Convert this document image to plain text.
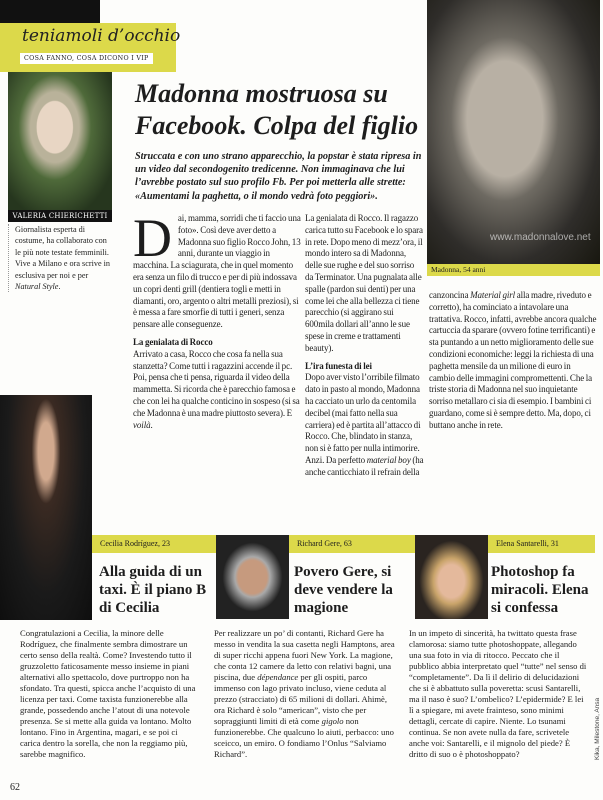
teniamoli d’occhio
COSA FANNO, COSA DICONO I VIP
VALERIA CHIERICHETTI
Giornalista esperta di costume, ha collaborato con le più note testate femminili. Vive a Milano e ora scrive in esclusiva per noi e per Natural Style.
Madonna mostruosa su Facebook. Colpa del figlio
Struccata e con uno strano apparecchio, la popstar è stata ripresa in un video dal secondogenito tredicenne. Non immaginava che lui l’avrebbe postato sul suo profilo Fb. Per poi metterla alle strette: «Aumentami la paghetta, o il mondo vedrà foto peggiori».

Dai, mamma, sorridi che ti faccio una foto». Così deve aver detto a Madonna suo figlio Rocco John, 13 anni, durante un viaggio in macchina. La sciagurata, che in quel momento era senza un filo di trucco e per di più indossava un copri denti grill (dentiera togli e metti in diamanti, oro, argento o altri metalli preziosi), si è messa a fare smorfie di tutti i generi, senza pensare alle conseguenze.

La genialata di Rocco

Arrivato a casa, Rocco che cosa fa nella sua stanzetta? Come tutti i ragazzini accende il pc. Poi, pensa che ti pensa, riguarda il video della mammetta. Si ricorda che è parecchio famosa e che con lei ha qualche conticino in sospeso (si sa che Madonna è una madre piuttosto severa). E voilà.

La genialata di Rocco. Il ragazzo carica tutto su Facebook e lo spara in rete. Dopo meno di mezz’ora, il mondo intero sa di Madonna, delle sue rughe e del suo sorriso da Terminator. Una pugnalata alle spalle (pardon sui denti) per una come lei che alla bellezza ci tiene parecchio (si aggirano sui 600mila dollari all’anno le sue spese in creme e trattamenti beauty).

L’ira funesta di lei

Dopo aver visto l’orribile filmato dato in pasto al mondo, Madonna ha cacciato un urlo da centomila decibel (mai fatto nella sua carriera) ed è partita all’attacco di Rocco. Che, blindato in stanza, non si è fatto per nulla intimorire. Anzi. Da perfetto material boy (ha anche canticchiato il refrain della

www.madonnalove.net
Madonna, 54 anni

canzoncina Material girl alla madre, riveduto e corretto), ha cominciato a intavolare una trattativa. Rocco, infatti, avrebbe ancora qualche cartuccia da sparare (ovvero fotine terrificanti) e sta puntando a un netto miglioramento delle sue condizioni economiche: leggi la richiesta di una paghetta mensile da un milione di euro in cambio delle immagini compromettenti. Che la triste storia di Madonna nel suo inquietante sorriso metallaro ci sia di esempio. I bambini ci guardano, come si è sempre detto. Ma, dopo, ci buttano anche in rete.

Cecilia Rodríguez, 23	Richard Gere, 63	Elena Santarelli, 31
Alla guida di un taxi. È il piano B di Cecilia
Povero Gere, si deve vendere la magione
Photoshop fa miracoli. Elena si confessa
Congratulazioni a Cecilia, la minore delle Rodríguez, che finalmente sembra dimostrare un certo senso della realtà. Come? Investendo tutto il gruzzoletto faticosamente messo insieme in piani alternativi allo spettacolo, dove purtroppo non ha sfondato. Tra questi, spicca anche l’acquisto di una licenza per taxi. Come taxista funzionerebbe alla grande, possedendo anche l’atout di una notevole presenza. Se si mette alla guida va lontano. Molto lontano. Fino in Argentina, magari, e se poi ci carica dentro la sorella, che non la reggiamo più, sarebbe magnifico.
Per realizzare un po’ di contanti, Richard Gere ha messo in vendita la sua casetta negli Hamptons, area di super ricchi appena fuori New York. La magione, che conta 12 camere da letto con relativi bagni, una piscina, due dépendance per gli ospiti, parco immenso con lago privato incluso, viene ceduta al prezzo (stracciato) di 65 milioni di dollari. Ahimè, ora Richard è solo “american”, visto che per sopraggiunti limiti di età come gigolo non funzionerebbe. Che qualcuno lo aiuti, perbacco: uno sceicco, un emiro. O fondiamo l’Onlus “Salviamo Richard”.
In un impeto di sincerità, ha twittato questa frase clamorosa: siamo tutte photoshoppate, allegando una sua foto in via di ritocco. Peccato che il pubblico abbia interpretato quel “tutte” nel senso di “completamente”. Da lì il delirio di delucidazioni che si è abbattuto sulla poveretta: scusi Santarelli, ma il naso è suo? L’ombelico? L’epidermide? E lei lì a spiegare, mi avete frainteso, sono minimi dettagli, cercate di capire. Niente. Lo tsunami continua. Se non avete nulla da fare, scrivetele anche voi: Santarelli, e il mignolo del piede? È dritto di suo o è photoshoppato?
62
Kika, Milestone, Ansa
